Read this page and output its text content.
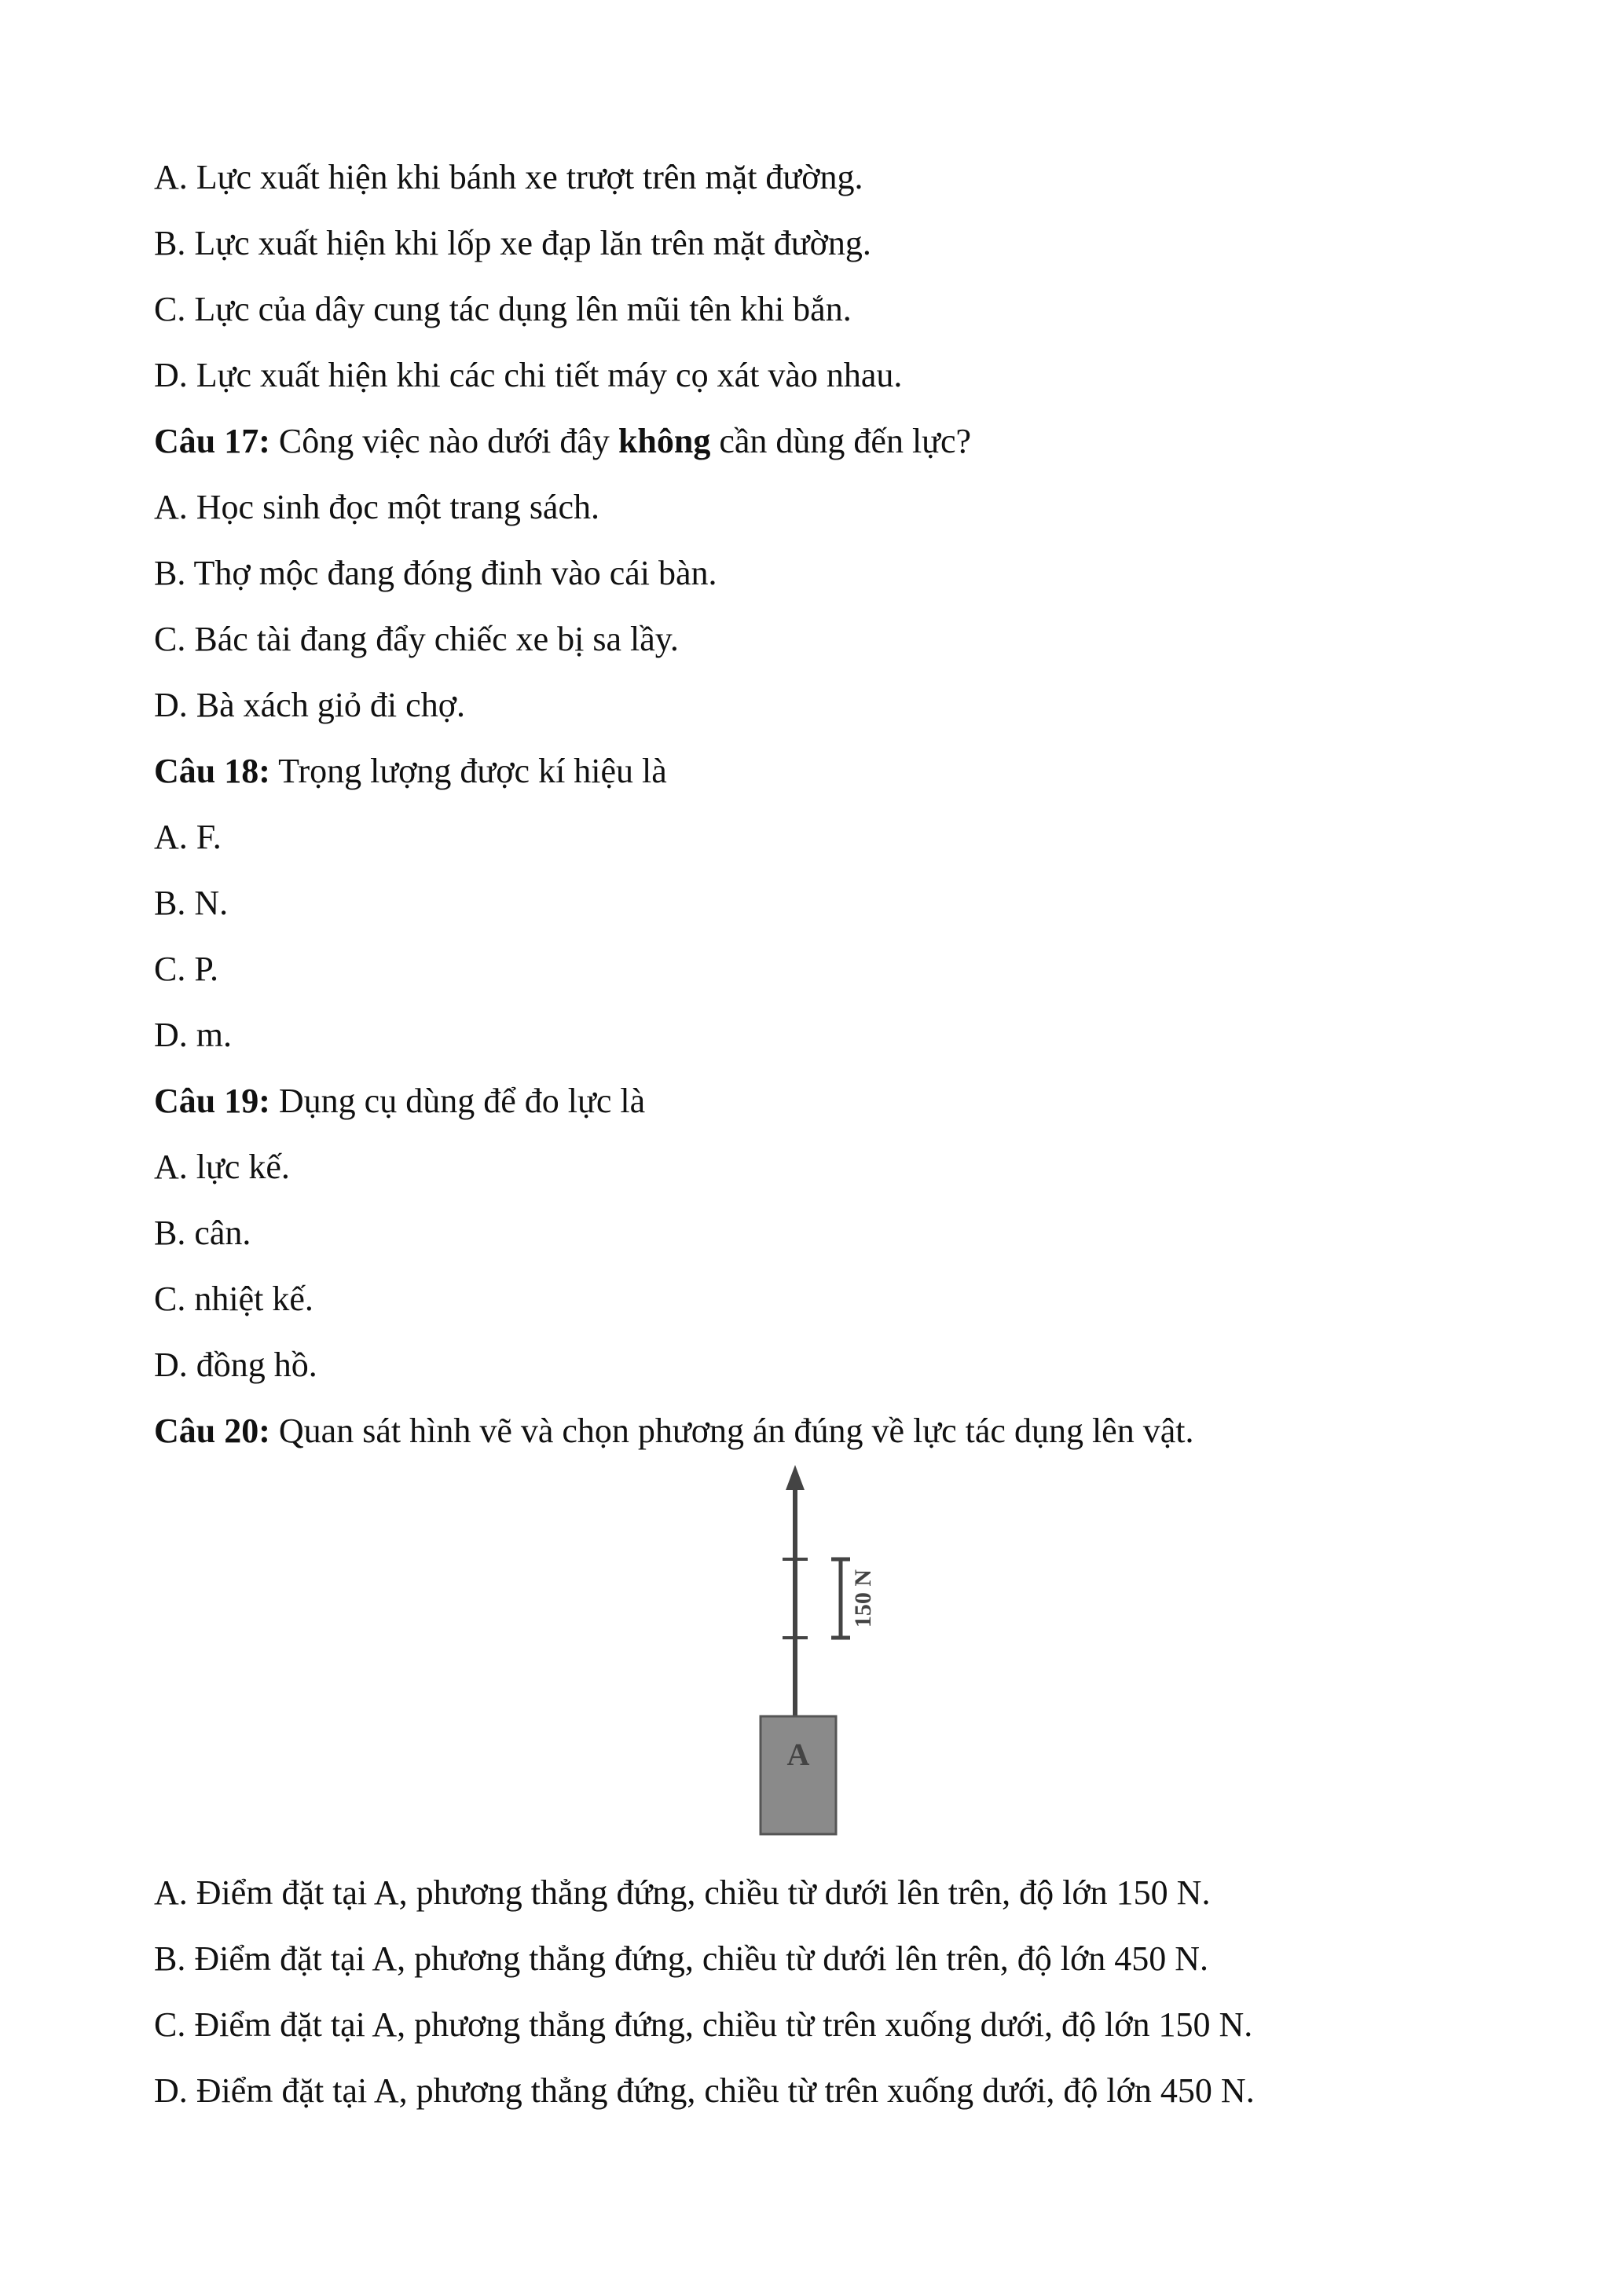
A. Lực xuất hiện khi bánh xe trượt trên mặt đường.
B. Lực xuất hiện khi lốp xe đạp lăn trên mặt đường.
C. Lực của dây cung tác dụng lên mũi tên khi bắn.
D. Lực xuất hiện khi các chi tiết máy cọ xát vào nhau.
Câu 17: Công việc nào dưới đây không cần dùng đến lực?
A. Học sinh đọc một trang sách.
B. Thợ mộc đang đóng đinh vào cái bàn.
C. Bác tài đang đẩy chiếc xe bị sa lầy.
D. Bà xách giỏ đi chợ.
Câu 18: Trọng lượng được kí hiệu là
A. F.
B. N.
C. P.
D. m.
Câu 19: Dụng cụ dùng để đo lực là
A. lực kế.
B. cân.
C. nhiệt kế.
D. đồng hồ.
Câu 20: Quan sát hình vẽ và chọn phương án đúng về lực tác dụng lên vật.
150 N
A
A. Điểm đặt tại A, phương thẳng đứng, chiều từ dưới lên trên, độ lớn 150 N.
B. Điểm đặt tại A, phương thẳng đứng, chiều từ dưới lên trên, độ lớn 450 N.
C. Điểm đặt tại A, phương thẳng đứng, chiều từ trên xuống dưới, độ lớn 150 N.
D. Điểm đặt tại A, phương thẳng đứng, chiều từ trên xuống dưới, độ lớn 450 N.
